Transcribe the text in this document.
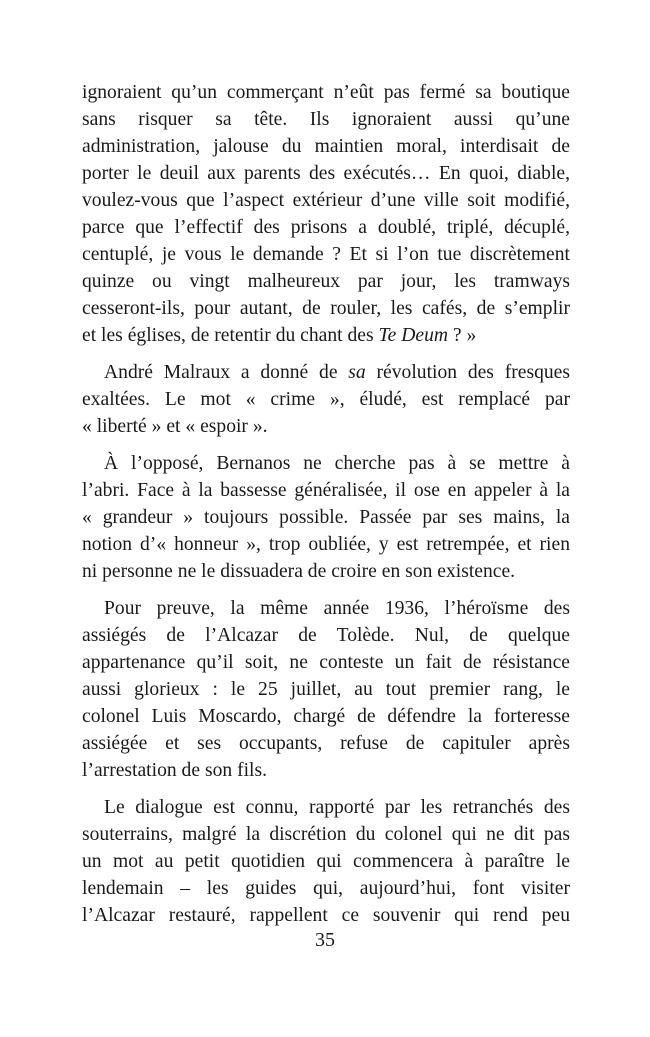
ignoraient qu’un commerçant n’eût pas fermé sa boutique
sans risquer sa tête. Ils ignoraient aussi qu’une
administration, jalouse du maintien moral, interdisait de
porter le deuil aux parents des exécutés… En quoi, diable,
voulez-vous que l’aspect extérieur d’une ville soit modifié,
parce que l’effectif des prisons a doublé, triplé, décuplé,
centuplé, je vous le demande ? Et si l’on tue discrètement
quinze ou vingt malheureux par jour, les tramways
cesseront-ils, pour autant, de rouler, les cafés, de s’emplir
et les églises, de retentir du chant des Te Deum ? »

André Malraux a donné de sa révolution des fresques
exaltées. Le mot « crime », éludé, est remplacé par
« liberté » et « espoir ».

À l’opposé, Bernanos ne cherche pas à se mettre à
l’abri. Face à la bassesse généralisée, il ose en appeler à la
« grandeur » toujours possible. Passée par ses mains, la
notion d’« honneur », trop oubliée, y est retrempée, et rien
ni personne ne le dissuadera de croire en son existence.

Pour preuve, la même année 1936, l’héroïsme des
assiégés de l’Alcazar de Tolède. Nul, de quelque
appartenance qu’il soit, ne conteste un fait de résistance
aussi glorieux : le 25 juillet, au tout premier rang, le
colonel Luis Moscardo, chargé de défendre la forteresse
assiégée et ses occupants, refuse de capituler après
l’arrestation de son fils.

Le dialogue est connu, rapporté par les retranchés des
souterrains, malgré la discrétion du colonel qui ne dit pas
un mot au petit quotidien qui commencera à paraître le
lendemain – les guides qui, aujourd’hui, font visiter
l’Alcazar restauré, rappellent ce souvenir qui rend peu

35
